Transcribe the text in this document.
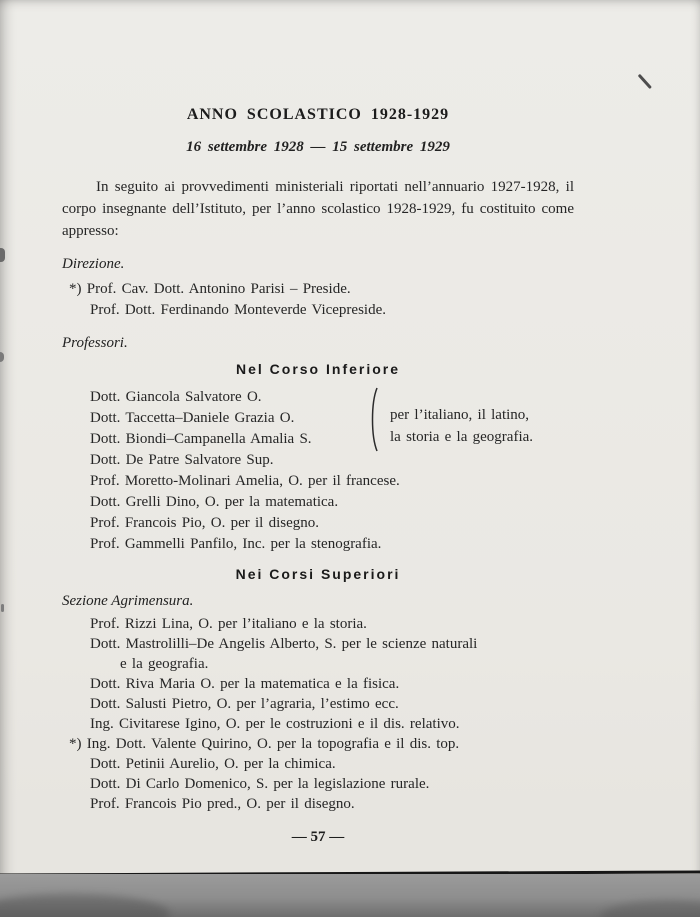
ANNO SCOLASTICO 1928-1929
16 settembre 1928 — 15 settembre 1929

In seguito ai provvedimenti ministeriali riportati nell’annuario 1927-1928, il corpo insegnante dell’Istituto, per l’anno scolastico 1928-1929, fu costituito come appresso:

Direzione.
*) Prof. Cav. Dott. Antonino Parisi – Preside.
Prof. Dott. Ferdinando Monteverde Vicepreside.
Professori.
Nel Corso Inferiore
Dott. Giancola Salvatore O.
Dott. Taccetta–Daniele Grazia O.
Dott. Biondi–Campanella Amalia S.
Dott. De Patre Salvatore Sup.
per l’italiano, il latino,
la storia e la geografia.
Prof. Moretto-Molinari Amelia, O. per il francese.
Dott. Grelli Dino, O. per la matematica.
Prof. Francois Pio, O. per il disegno.
Prof. Gammelli Panfilo, Inc. per la stenografia.
Nei Corsi Superiori
Sezione Agrimensura.
Prof. Rizzi Lina, O. per l’italiano e la storia.
Dott. Mastrolilli–De Angelis Alberto, S. per le scienze naturali
e la geografia.
Dott. Riva Maria O. per la matematica e la fisica.
Dott. Salusti Pietro, O. per l’agraria, l’estimo ecc.
Ing. Civitarese Igino, O. per le costruzioni e il dis. relativo.
*) Ing. Dott. Valente Quirino, O. per la topografia e il dis. top.
Dott. Petinii Aurelio, O. per la chimica.
Dott. Di Carlo Domenico, S. per la legislazione rurale.
Prof. Francois Pio pred., O. per il disegno.
— 57 —
